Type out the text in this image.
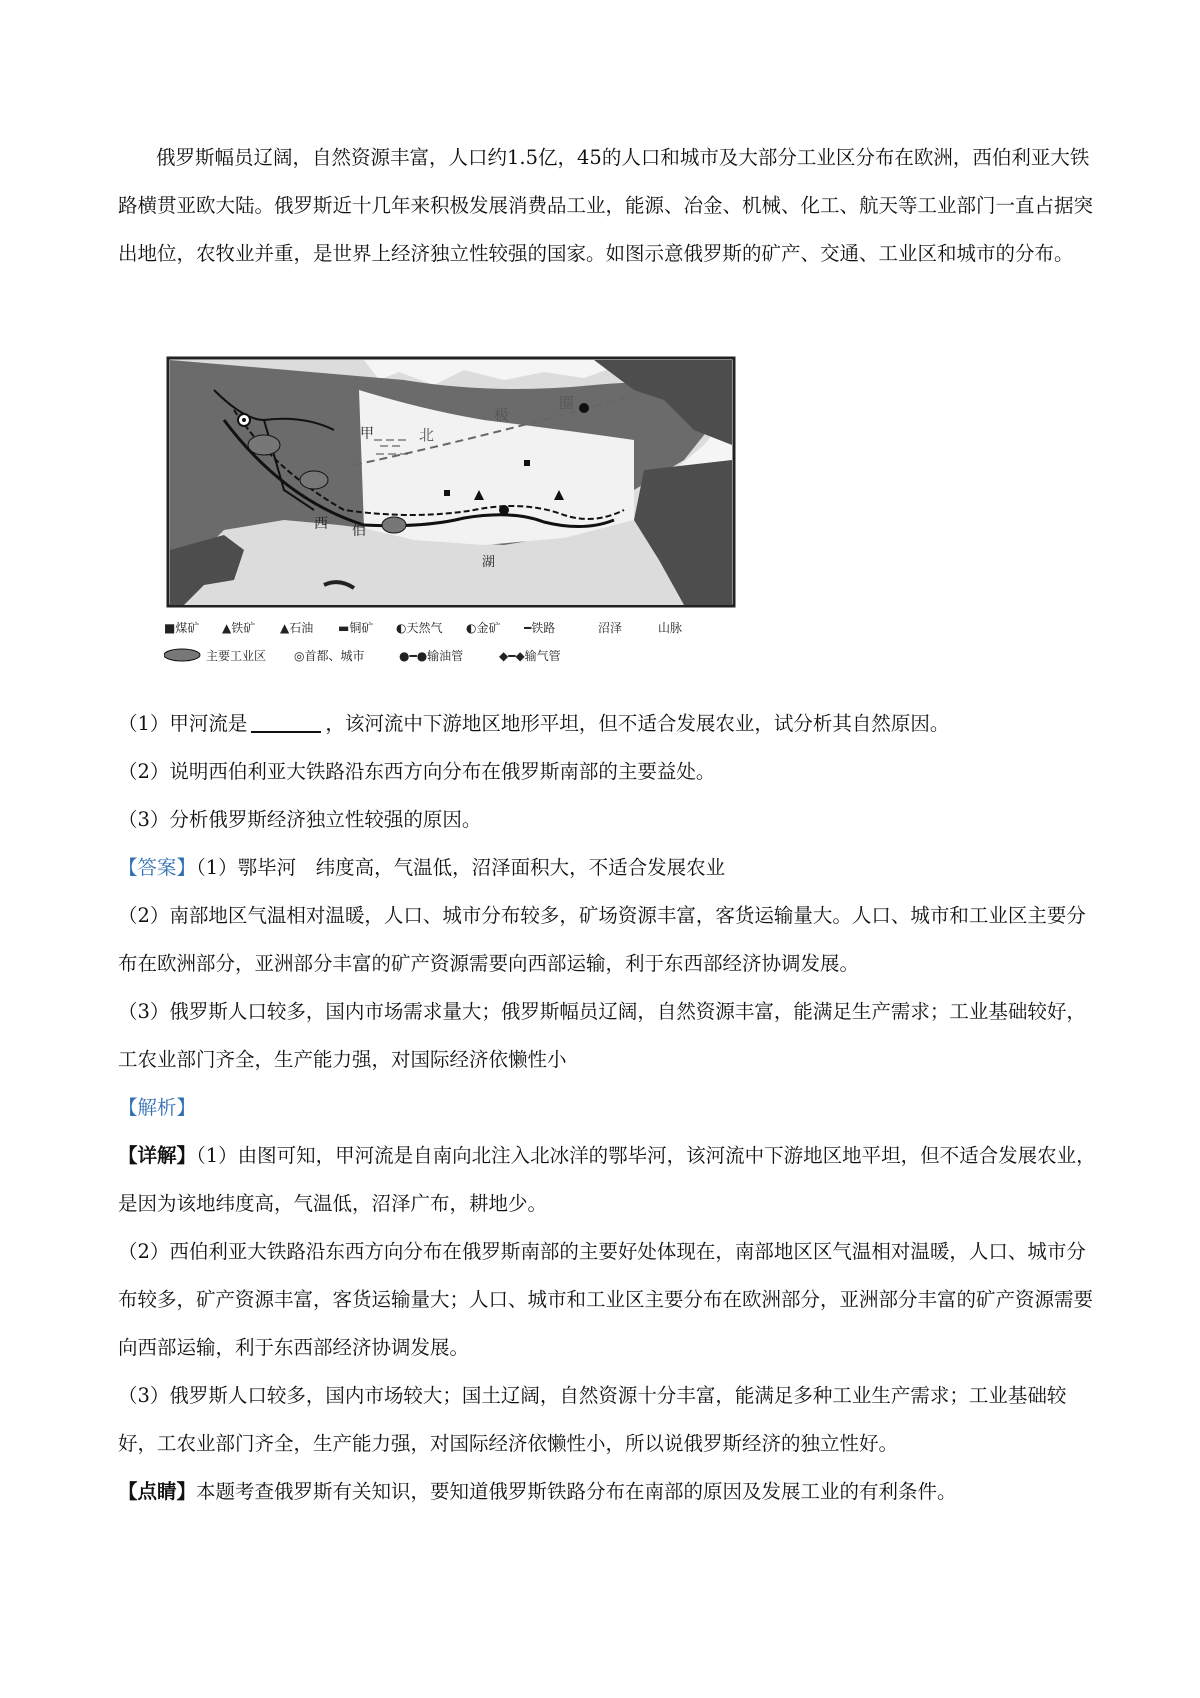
俄罗斯幅员辽阔，自然资源丰富，人口约1.5亿，45的人口和城市及大部分工业区分布在欧洲，西伯利亚大铁路横贯亚欧大陆。俄罗斯近十几年来积极发展消费品工业，能源、冶金、机械、化工、航天等工业部门一直占据突出地位，农牧业并重，是世界上经济独立性较强的国家。如图示意俄罗斯的矿产、交通、工业区和城市的分布。

北
极
圈
西 伯
甲
湖
■煤矿 ▲铁矿 ▲石油 ▬铜矿 ◐天然气 ◐金矿 ━铁路	沼泽	山脉
主要工业区 ◎首都、城市	●━●输油管	◆━◆输气管

（1）甲河流是	，该河流中下游地区地形平坦，但不适合发展农业，试分析其自然原因。

（2）说明西伯利亚大铁路沿东西方向分布在俄罗斯南部的主要益处。

（3）分析俄罗斯经济独立性较强的原因。

【答案】（1）鄂毕河　纬度高，气温低，沼泽面积大，不适合发展农业

（2）南部地区气温相对温暖，人口、城市分布较多，矿场资源丰富，客货运输量大。人口、城市和工业区主要分布在欧洲部分，亚洲部分丰富的矿产资源需要向西部运输，利于东西部经济协调发展。

（3）俄罗斯人口较多，国内市场需求量大；俄罗斯幅员辽阔，自然资源丰富，能满足生产需求；工业基础较好，工农业部门齐全，生产能力强，对国际经济依懒性小

【解析】

【详解】（1）由图可知，甲河流是自南向北注入北冰洋的鄂毕河，该河流中下游地区地平坦，但不适合发展农业，是因为该地纬度高，气温低，沼泽广布，耕地少。

（2）西伯利亚大铁路沿东西方向分布在俄罗斯南部的主要好处体现在，南部地区区气温相对温暖，人口、城市分布较多，矿产资源丰富，客货运输量大；人口、城市和工业区主要分布在欧洲部分，亚洲部分丰富的矿产资源需要向西部运输，利于东西部经济协调发展。

（3）俄罗斯人口较多，国内市场较大；国土辽阔，自然资源十分丰富，能满足多种工业生产需求；工业基础较好，工农业部门齐全，生产能力强，对国际经济依懒性小，所以说俄罗斯经济的独立性好。

【点睛】本题考查俄罗斯有关知识，要知道俄罗斯铁路分布在南部的原因及发展工业的有利条件。
